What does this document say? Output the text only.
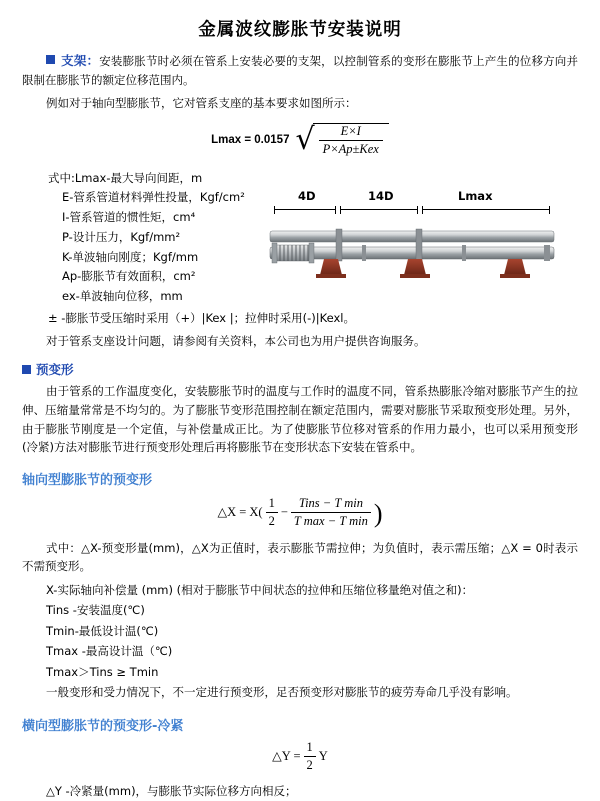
金属波纹膨胀节安装说明

支架：安装膨胀节时必须在管系上安装必要的支架，以控制管系的变形在膨胀节上产生的位移方向并限制在膨胀节的额定位移范围内。

例如对于轴向型膨胀节，它对管系支座的基本要求如图所示：

Lmax = 0.0157 √
$\frac{E\times I}{\text{P×Ap±Kex}}$
式中:Lmax-最大导向间距，m
E-管系管道材料弹性投量，Kgf/cm²
I-管系管道的惯性矩，cm⁴
P-设计压力，Kgf/mm²
K-单波轴向刚度；Kgf/mm
Ap-膨胀节有效面积，cm²
ex-单波轴向位移，mm
4D	14D	Lmax
± -膨胀节受压缩时采用（+）|Kex |；拉伸时采用(-)|Kexl。

对于管系支座设计问题，请参阅有关资料，本公司也为用户提供咨询服务。

预变形

由于管系的工作温度变化，安装膨胀节时的温度与工作时的温度不同，管系热膨胀冷缩对膨胀节产生的拉伸、压缩量常常是不均匀的。为了膨胀节变形范围控制在额定范围内，需要对膨胀节采取预变形处理。另外，由于膨胀节刚度是一个定值，与补偿量成正比。为了使膨胀节位移对管系的作用力最小，也可以采用预变形(冷紧)方法对膨胀节进行预变形处理后再将膨胀节在变形状态下安装在管系中。

轴向型膨胀节的预变形
△X = $X( \frac{1}{2} - \frac{\text{Tins − T min}}{\text{T max − T min}}$ )

式中：△X-预变形量(mm)，△X为正值时，表示膨胀节需拉伸；为负值时，表示需压缩；△X = 0时表示不需预变形。

X-实际轴向补偿量 (mm) (相对于膨胀节中间状态的拉伸和压缩位移量绝对值之和)：

Tins -安装温度(℃)

Tmin-最低设计温(℃)

Tmax -最高设计温（℃)

Tmax＞Tins ≥ Tmin

一般变形和受力情况下，不一定进行预变形，足否预变形对膨胀节的疲劳寿命几乎没有影响。

横向型膨胀节的预变形-冷紧
△Y = $\frac{1}{2}$ Y

△Y -冷紧量(mm)，与膨胀节实际位移方向相反；
